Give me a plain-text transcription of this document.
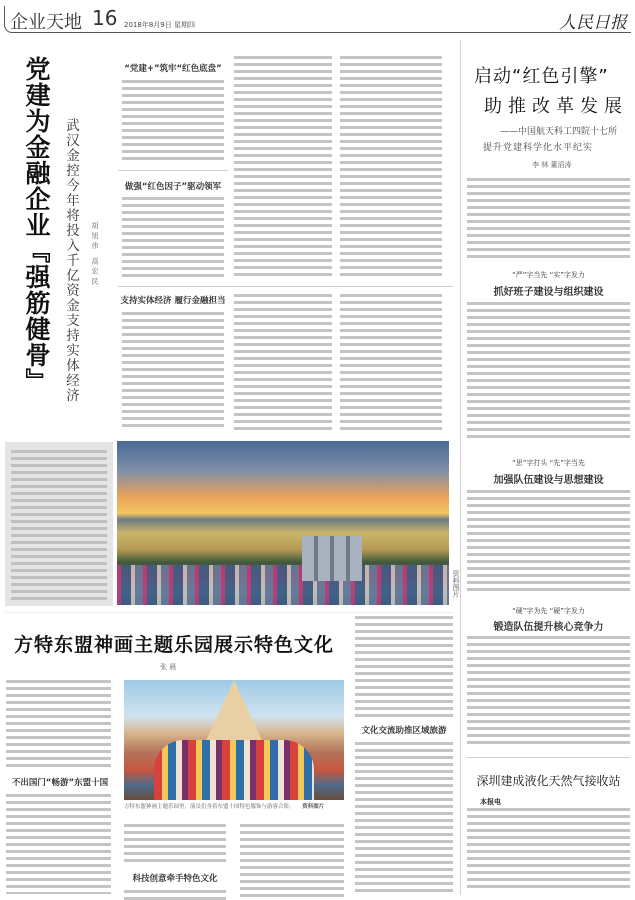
企业天地 16 2018年8月9日 星期四	人民日报
党建为金融企业『强筋健骨』 武汉金控今年将投入千亿资金支持实体经济 胡旭伟 高宏民
“党建+”筑牢“红色底盘”
做强“红色因子”驱动领军
支持实体经济 履行金融担当
资料图片
启动“红色引擎”
助推改革发展
——中国航天科工四院十七所
提升党建科学化水平纪实
李 林 董滔涛
“严”字当先 “实”字发力
抓好班子建设与组织建设
“思”字打头 “先”字当先
加强队伍建设与思想建设
“硬”字为先 “硬”字发力
锻造队伍提升核心竞争力
深圳建成液化天然气接收站
本报电
方特东盟神画主题乐园展示特色文化
张 晨
不出国门“畅游”东盟十国
方特东盟神画主题乐园里，演员们身着东盟十国特色服饰与游客合影。 资料图片
科技创意牵手特色文化
文化交流助推区域旅游
